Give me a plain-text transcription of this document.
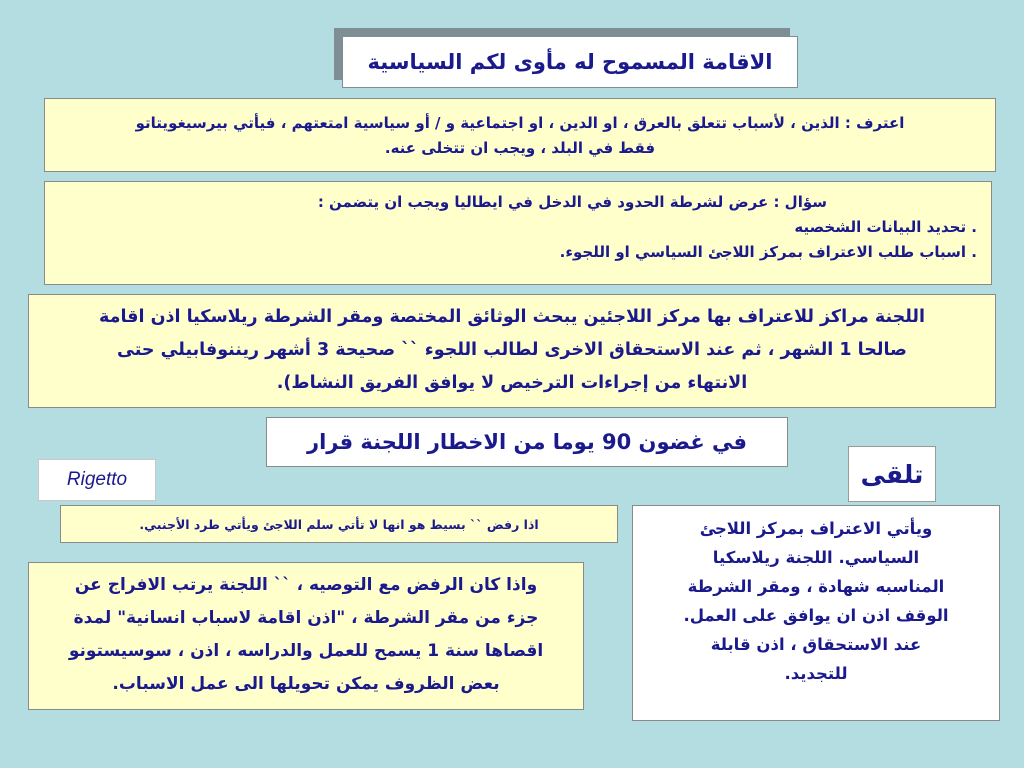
الاقامة المسموح له مأوى لكم السياسية
اعترف : الذين ، لأسباب تتعلق بالعرق ، او الدين ، او اجتماعية و / أو سياسية امتعتهم ، فيأتي بيرسيغويتاتو
فقط في البلد ، ويجب ان تتخلى عنه.
سؤال : عرض لشرطة الحدود في الدخل في ايطاليا ويجب ان يتضمن :
. تحديد البيانات الشخصيه
. اسباب طلب الاعتراف بمركز اللاجئ السياسي او اللجوء.
اللجنة مراكز للاعتراف بها مركز اللاجئين يبحث الوثائق المختصة ومقر الشرطة ريلاسكيا اذن اقامة
صالحا 1 الشهر ، ثم عند الاستحقاق الاخرى لطالب اللجوء `` صحيحة 3 أشهر ريننوفابيلي حتى
الانتهاء من إجراءات الترخيص لا يوافق الفريق النشاط).
في غضون 90 يوما من الاخطار اللجنة قرار
تلقى
Rigetto
اذا رفض `` بسيط هو انها لا تأتي سلم اللاجئ ويأتي طرد الأجنبي.
واذا كان الرفض مع التوصيه ، `` اللجنة يرتب الافراج عن
جزء من مقر الشرطة ، "اذن اقامة لاسباب انسانية" لمدة
اقصاها سنة 1 يسمح للعمل والدراسه ، اذن ، سوسيستونو
بعض الظروف يمكن تحويلها الى عمل الاسباب.
ويأتي الاعتراف بمركز اللاجئ
السياسي. اللجنة ريلاسكيا
المناسبه شهادة ، ومقر الشرطة
الوقف اذن ان يوافق على العمل.
عند الاستحقاق ، اذن قابلة
للتجديد.
